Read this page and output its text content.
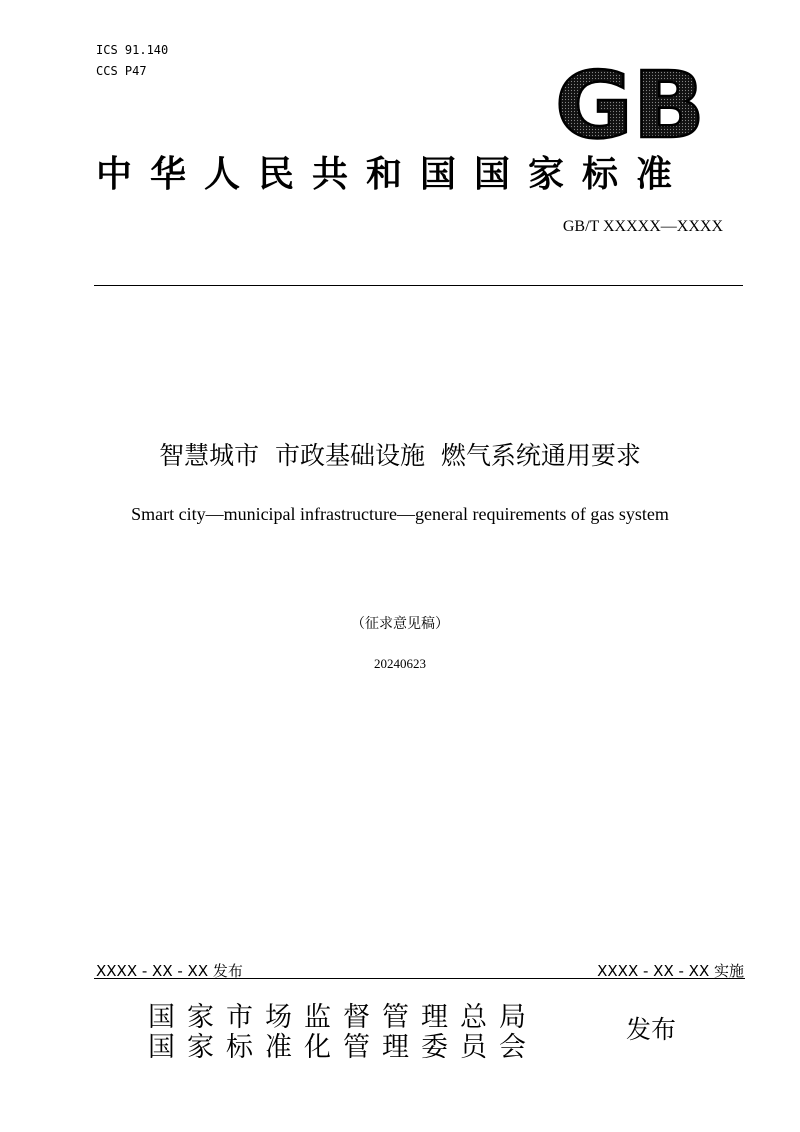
ICS 91.140
CCS P47	GB
中华人民共和国国家标准
GB/T XXXXX—XXXX
智慧城市  市政基础设施  燃气系统通用要求
Smart city—municipal infrastructure—general requirements of gas system
（征求意见稿）
20240623
XXXX - XX - XX 发布	XXXX - XX - XX 实施
国家市场监督管理总局
国家标准化管理委员会
发布
